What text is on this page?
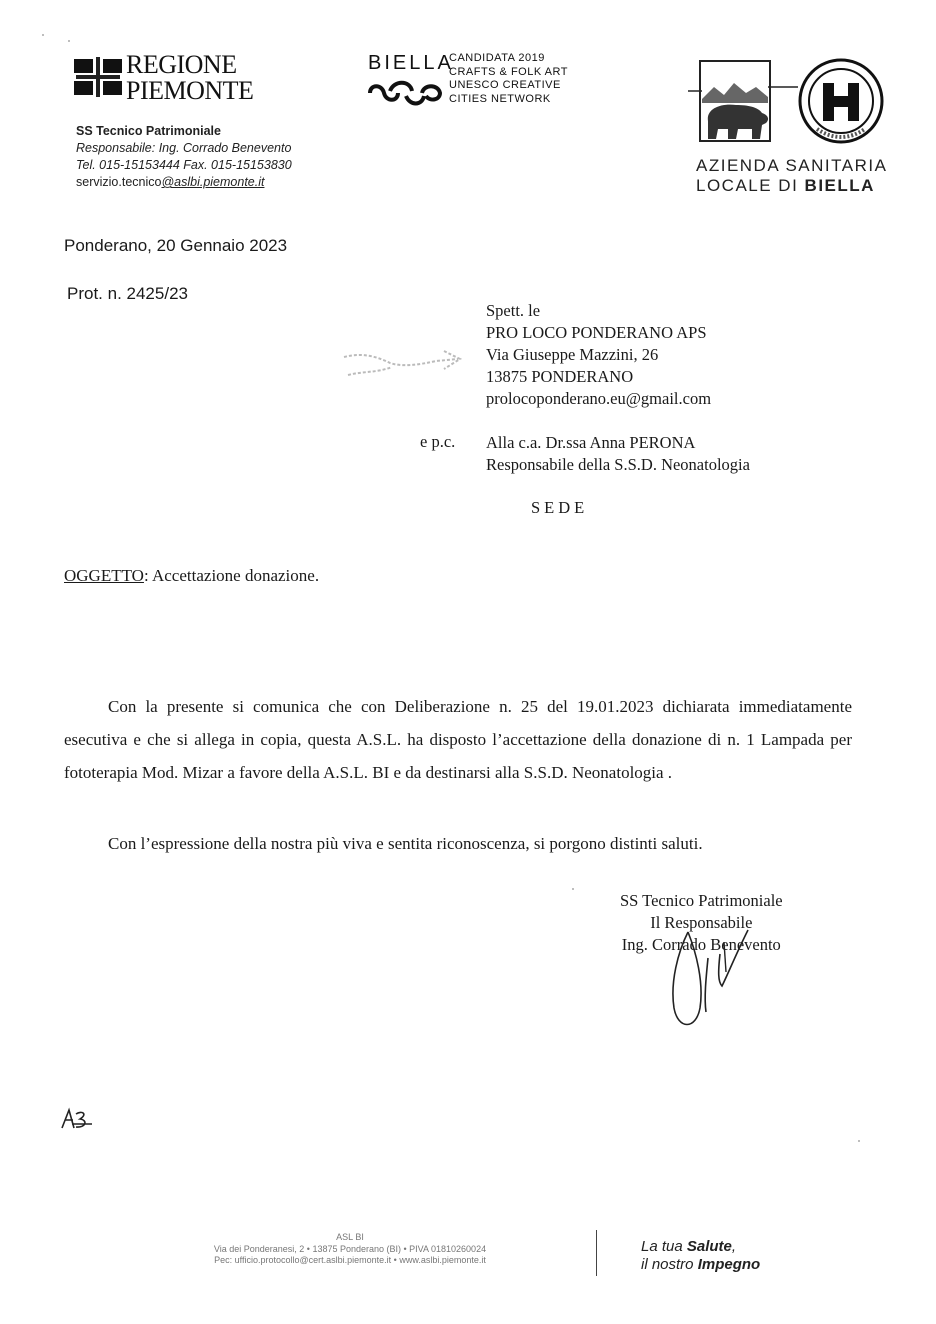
REGIONE
PIEMONTE
SS Tecnico Patrimoniale
Responsabile: Ing. Corrado Benevento
Tel. 015-15153444 Fax. 015-15153830
servizio.tecnico@aslbi.piemonte.it
BIELLA
CANDIDATA 2019
CRAFTS & FOLK ART
UNESCO CREATIVE
CITIES NETWORK
AZIENDA SANITARIA
LOCALE DI BIELLA
Ponderano, 20 Gennaio 2023
Prot. n. 2425/23
Spett. le
PRO LOCO PONDERANO APS
Via Giuseppe Mazzini, 26
13875 PONDERANO
prolocoponderano.eu@gmail.com
e p.c. Alla c.a. Dr.ssa Anna PERONA
Responsabile della S.S.D. Neonatologia
SEDE
OGGETTO: Accettazione donazione.
Con la presente si comunica che con Deliberazione n. 25 del 19.01.2023 dichiarata immediatamente esecutiva e che si allega in copia, questa A.S.L. ha disposto l’accettazione della donazione di n. 1 Lampada per fototerapia Mod. Mizar a favore della A.S.L. BI e da destinarsi alla S.S.D. Neonatologia .
Con l’espressione della nostra più viva e sentita riconoscenza, si porgono distinti saluti.
SS Tecnico Patrimoniale
Il Responsabile
Ing. Corrado Benevento
ASL BI
Via dei Ponderanesi, 2 • 13875 Ponderano (BI) • PIVA 01810260024
Pec: ufficio.protocollo@cert.aslbi.piemonte.it • www.aslbi.piemonte.it
La tua Salute,
il nostro Impegno
